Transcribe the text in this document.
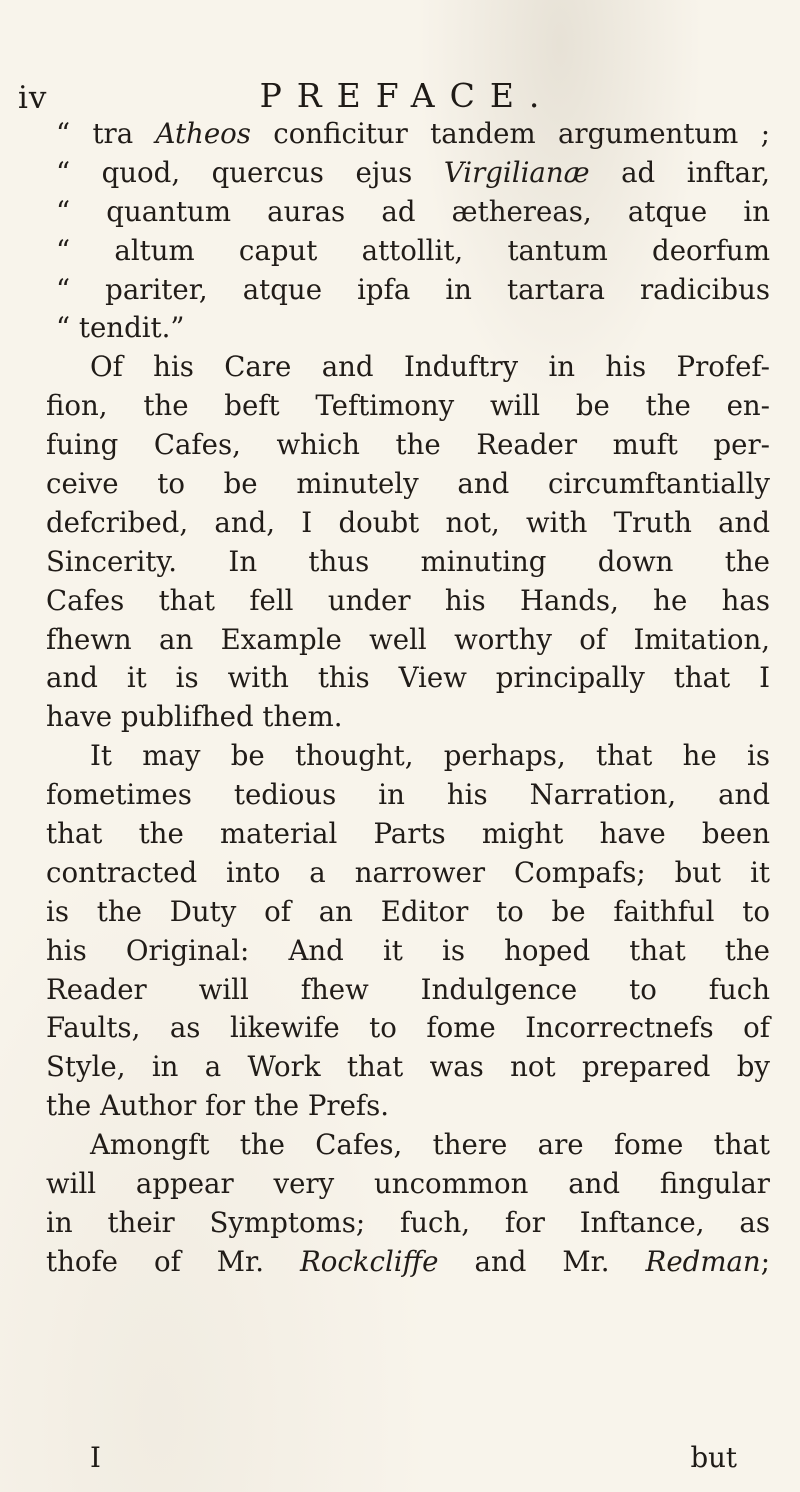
iv	PREFACE.
“ tra Atheos conficitur tandem argumentum ;
“ quod, quercus ejus Virgilianæ ad inftar,
“ quantum auras ad æthereas, atque in
“ altum caput attollit, tantum deorfum
“ pariter, atque ipfa in tartara radicibus
“ tendit.”
Of his Care and Induftry in his Profef-
fion, the beft Teftimony will be the en-
fuing Cafes, which the Reader muft per-
ceive to be minutely and circumftantially
defcribed, and, I doubt not, with Truth and
Sincerity. In thus minuting down the
Cafes that fell under his Hands, he has
fhewn an Example well worthy of Imitation,
and it is with this View principally that I
have publifhed them.
It may be thought, perhaps, that he is
fometimes tedious in his Narration, and
that the material Parts might have been
contracted into a narrower Compafs; but it
is the Duty of an Editor to be faithful to
his Original: And it is hoped that the
Reader will fhew Indulgence to fuch
Faults, as likewife to fome Incorrectnefs of
Style, in a Work that was not prepared by
the Author for the Prefs.
Amongft the Cafes, there are fome that
will appear very uncommon and fingular
in their Symptoms; fuch, for Inftance, as
thofe of Mr. Rockcliffe and Mr. Redman;
I	but
